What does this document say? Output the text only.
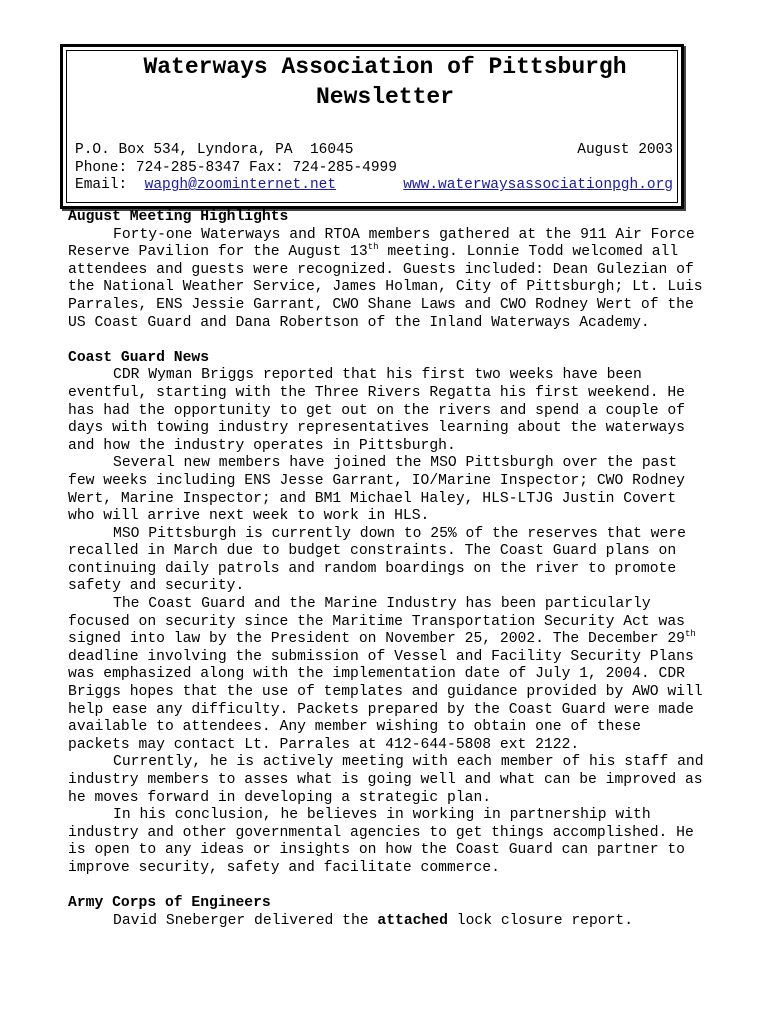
Waterways Association of Pittsburgh
Newsletter
P.O. Box 534, Lyndora, PA  16045	August 2003
Phone: 724-285-8347 Fax: 724-285-4999
Email: wapgh@zoominternet.net	www.waterwaysassociationpgh.org
August Meeting Highlights

Forty-one Waterways and RTOA members gathered at the 911 Air Force Reserve Pavilion for the August 13th meeting. Lonnie Todd welcomed all attendees and guests were recognized. Guests included: Dean Gulezian of the National Weather Service, James Holman, City of Pittsburgh; Lt. Luis Parrales, ENS Jessie Garrant, CWO Shane Laws and CWO Rodney Wert of the US Coast Guard and Dana Robertson of the Inland Waterways Academy.

Coast Guard News

CDR Wyman Briggs reported that his first two weeks have been eventful, starting with the Three Rivers Regatta his first weekend. He has had the opportunity to get out on the rivers and spend a couple of days with towing industry representatives learning about the waterways and how the industry operates in Pittsburgh.

Several new members have joined the MSO Pittsburgh over the past few weeks including ENS Jesse Garrant, IO/Marine Inspector; CWO Rodney Wert, Marine Inspector; and BM1 Michael Haley, HLS-LTJG Justin Covert who will arrive next week to work in HLS.

MSO Pittsburgh is currently down to 25% of the reserves that were recalled in March due to budget constraints. The Coast Guard plans on continuing daily patrols and random boardings on the river to promote safety and security.

The Coast Guard and the Marine Industry has been particularly focused on security since the Maritime Transportation Security Act was signed into law by the President on November 25, 2002. The December 29th deadline involving the submission of Vessel and Facility Security Plans was emphasized along with the implementation date of July 1, 2004. CDR Briggs hopes that the use of templates and guidance provided by AWO will help ease any difficulty. Packets prepared by the Coast Guard were made available to attendees. Any member wishing to obtain one of these packets may contact Lt. Parrales at 412-644-5808 ext 2122.

Currently, he is actively meeting with each member of his staff and industry members to asses what is going well and what can be improved as he moves forward in developing a strategic plan.

In his conclusion, he believes in working in partnership with industry and other governmental agencies to get things accomplished. He is open to any ideas or insights on how the Coast Guard can partner to improve security, safety and facilitate commerce.

Army Corps of Engineers

David Sneberger delivered the attached lock closure report.
